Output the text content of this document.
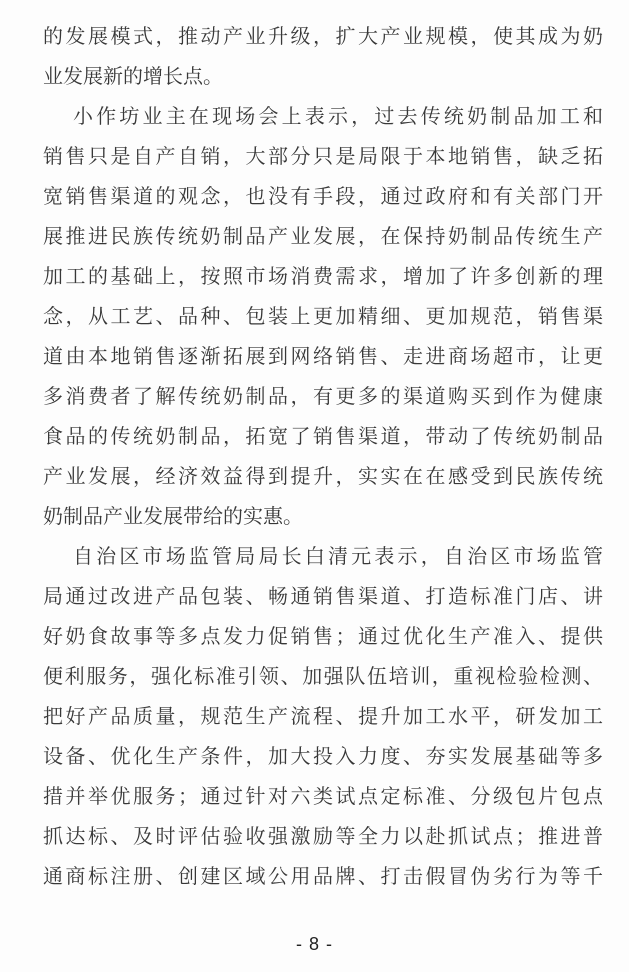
的发展模式，推动产业升级，扩大产业规模，使其成为奶
业发展新的增长点。
小作坊业主在现场会上表示，过去传统奶制品加工和
销售只是自产自销，大部分只是局限于本地销售，缺乏拓
宽销售渠道的观念，也没有手段，通过政府和有关部门开
展推进民族传统奶制品产业发展，在保持奶制品传统生产
加工的基础上，按照市场消费需求，增加了许多创新的理
念，从工艺、品种、包装上更加精细、更加规范，销售渠
道由本地销售逐渐拓展到网络销售、走进商场超市，让更
多消费者了解传统奶制品，有更多的渠道购买到作为健康
食品的传统奶制品，拓宽了销售渠道，带动了传统奶制品
产业发展，经济效益得到提升，实实在在感受到民族传统
奶制品产业发展带给的实惠。
自治区市场监管局局长白清元表示，自治区市场监管
局通过改进产品包装、畅通销售渠道、打造标准门店、讲
好奶食故事等多点发力促销售；通过优化生产准入、提供
便利服务，强化标准引领、加强队伍培训，重视检验检测、
把好产品质量，规范生产流程、提升加工水平，研发加工
设备、优化生产条件，加大投入力度、夯实发展基础等多
措并举优服务；通过针对六类试点定标准、分级包片包点
抓达标、及时评估验收强激励等全力以赴抓试点；推进普
通商标注册、创建区域公用品牌、打击假冒伪劣行为等千
- 8 -
